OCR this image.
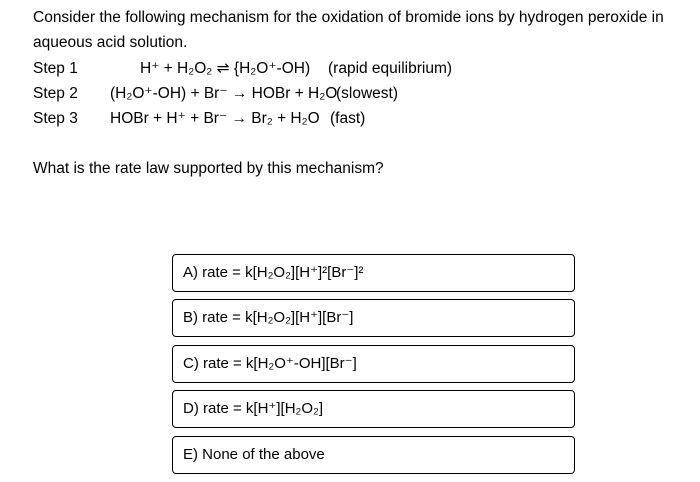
Consider the following mechanism for the oxidation of bromide ions by hydrogen peroxide in aqueous acid solution.
Step 1	H⁺ + H₂O₂ ⇌ {H₂O⁺-OH) (rapid equilibrium)
Step 2 (H₂O⁺-OH) + Br⁻ → HOBr + H₂O
(slowest)
Step 3 HOBr + H⁺ + Br⁻ → Br₂ + H₂O (fast)
What is the rate law supported by this mechanism?
A) rate = k[H₂O₂][H⁺]²[Br⁻]²
B) rate = k[H₂O₂][H⁺][Br⁻]
C) rate = k[H₂O⁺-OH][Br⁻]
D) rate = k[H⁺][H₂O₂]
E) None of the above
